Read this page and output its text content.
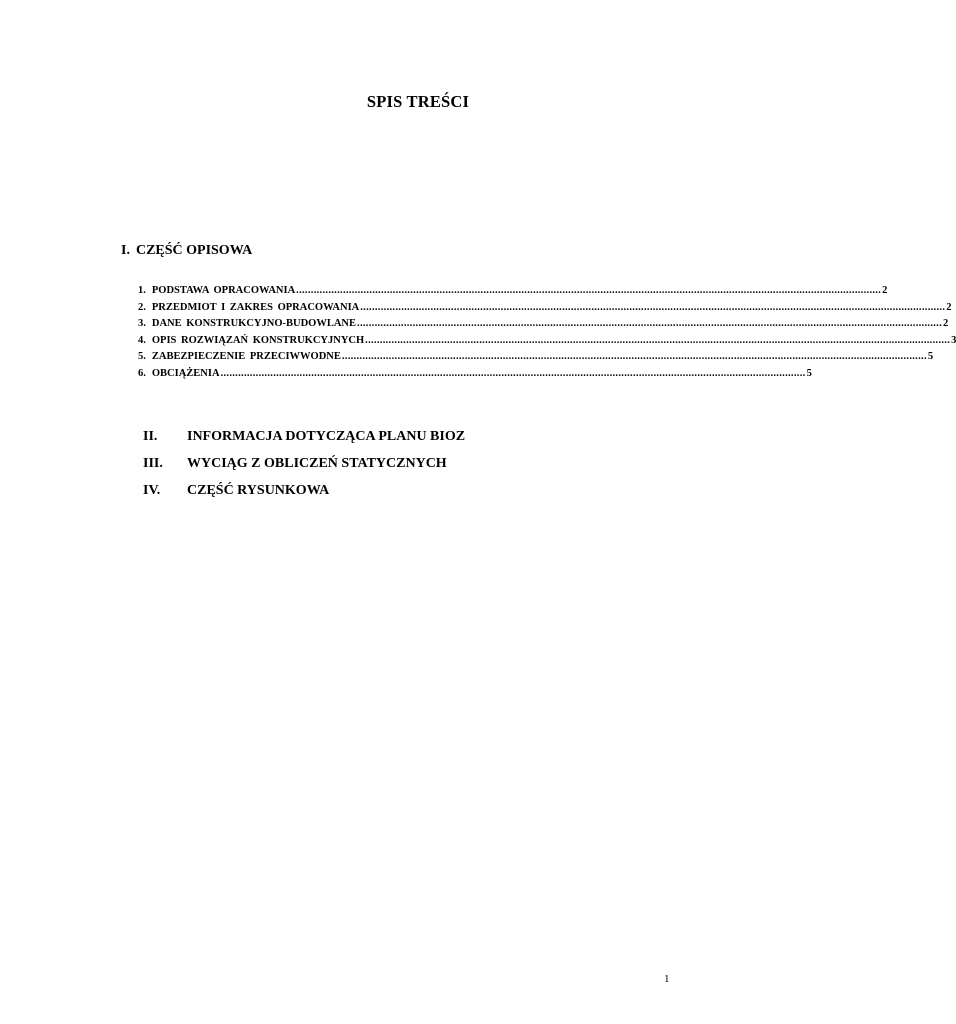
SPIS TREŚCI
I. CZĘŚĆ OPISOWA
1. PODSTAWA OPRACOWANIA ........................................................................................................................................................................................................ 2
2. PRZEDMIOT I ZAKRES OPRACOWANIA ........................................................................................................................................................................................................ 2
3. DANE KONSTRUKCYJNO-BUDOWLANE ........................................................................................................................................................................................................ 2
4. OPIS ROZWIĄZAŃ KONSTRUKCYJNYCH ........................................................................................................................................................................................................ 3
5. ZABEZPIECZENIE PRZECIWWODNE ........................................................................................................................................................................................................ 5
6. OBCIĄŻENIA ........................................................................................................................................................................................................ 5
II.	INFORMACJA DOTYCZĄCA PLANU BIOZ
III.	WYCIĄG Z OBLICZEŃ STATYCZNYCH
IV.	CZĘŚĆ RYSUNKOWA
1
